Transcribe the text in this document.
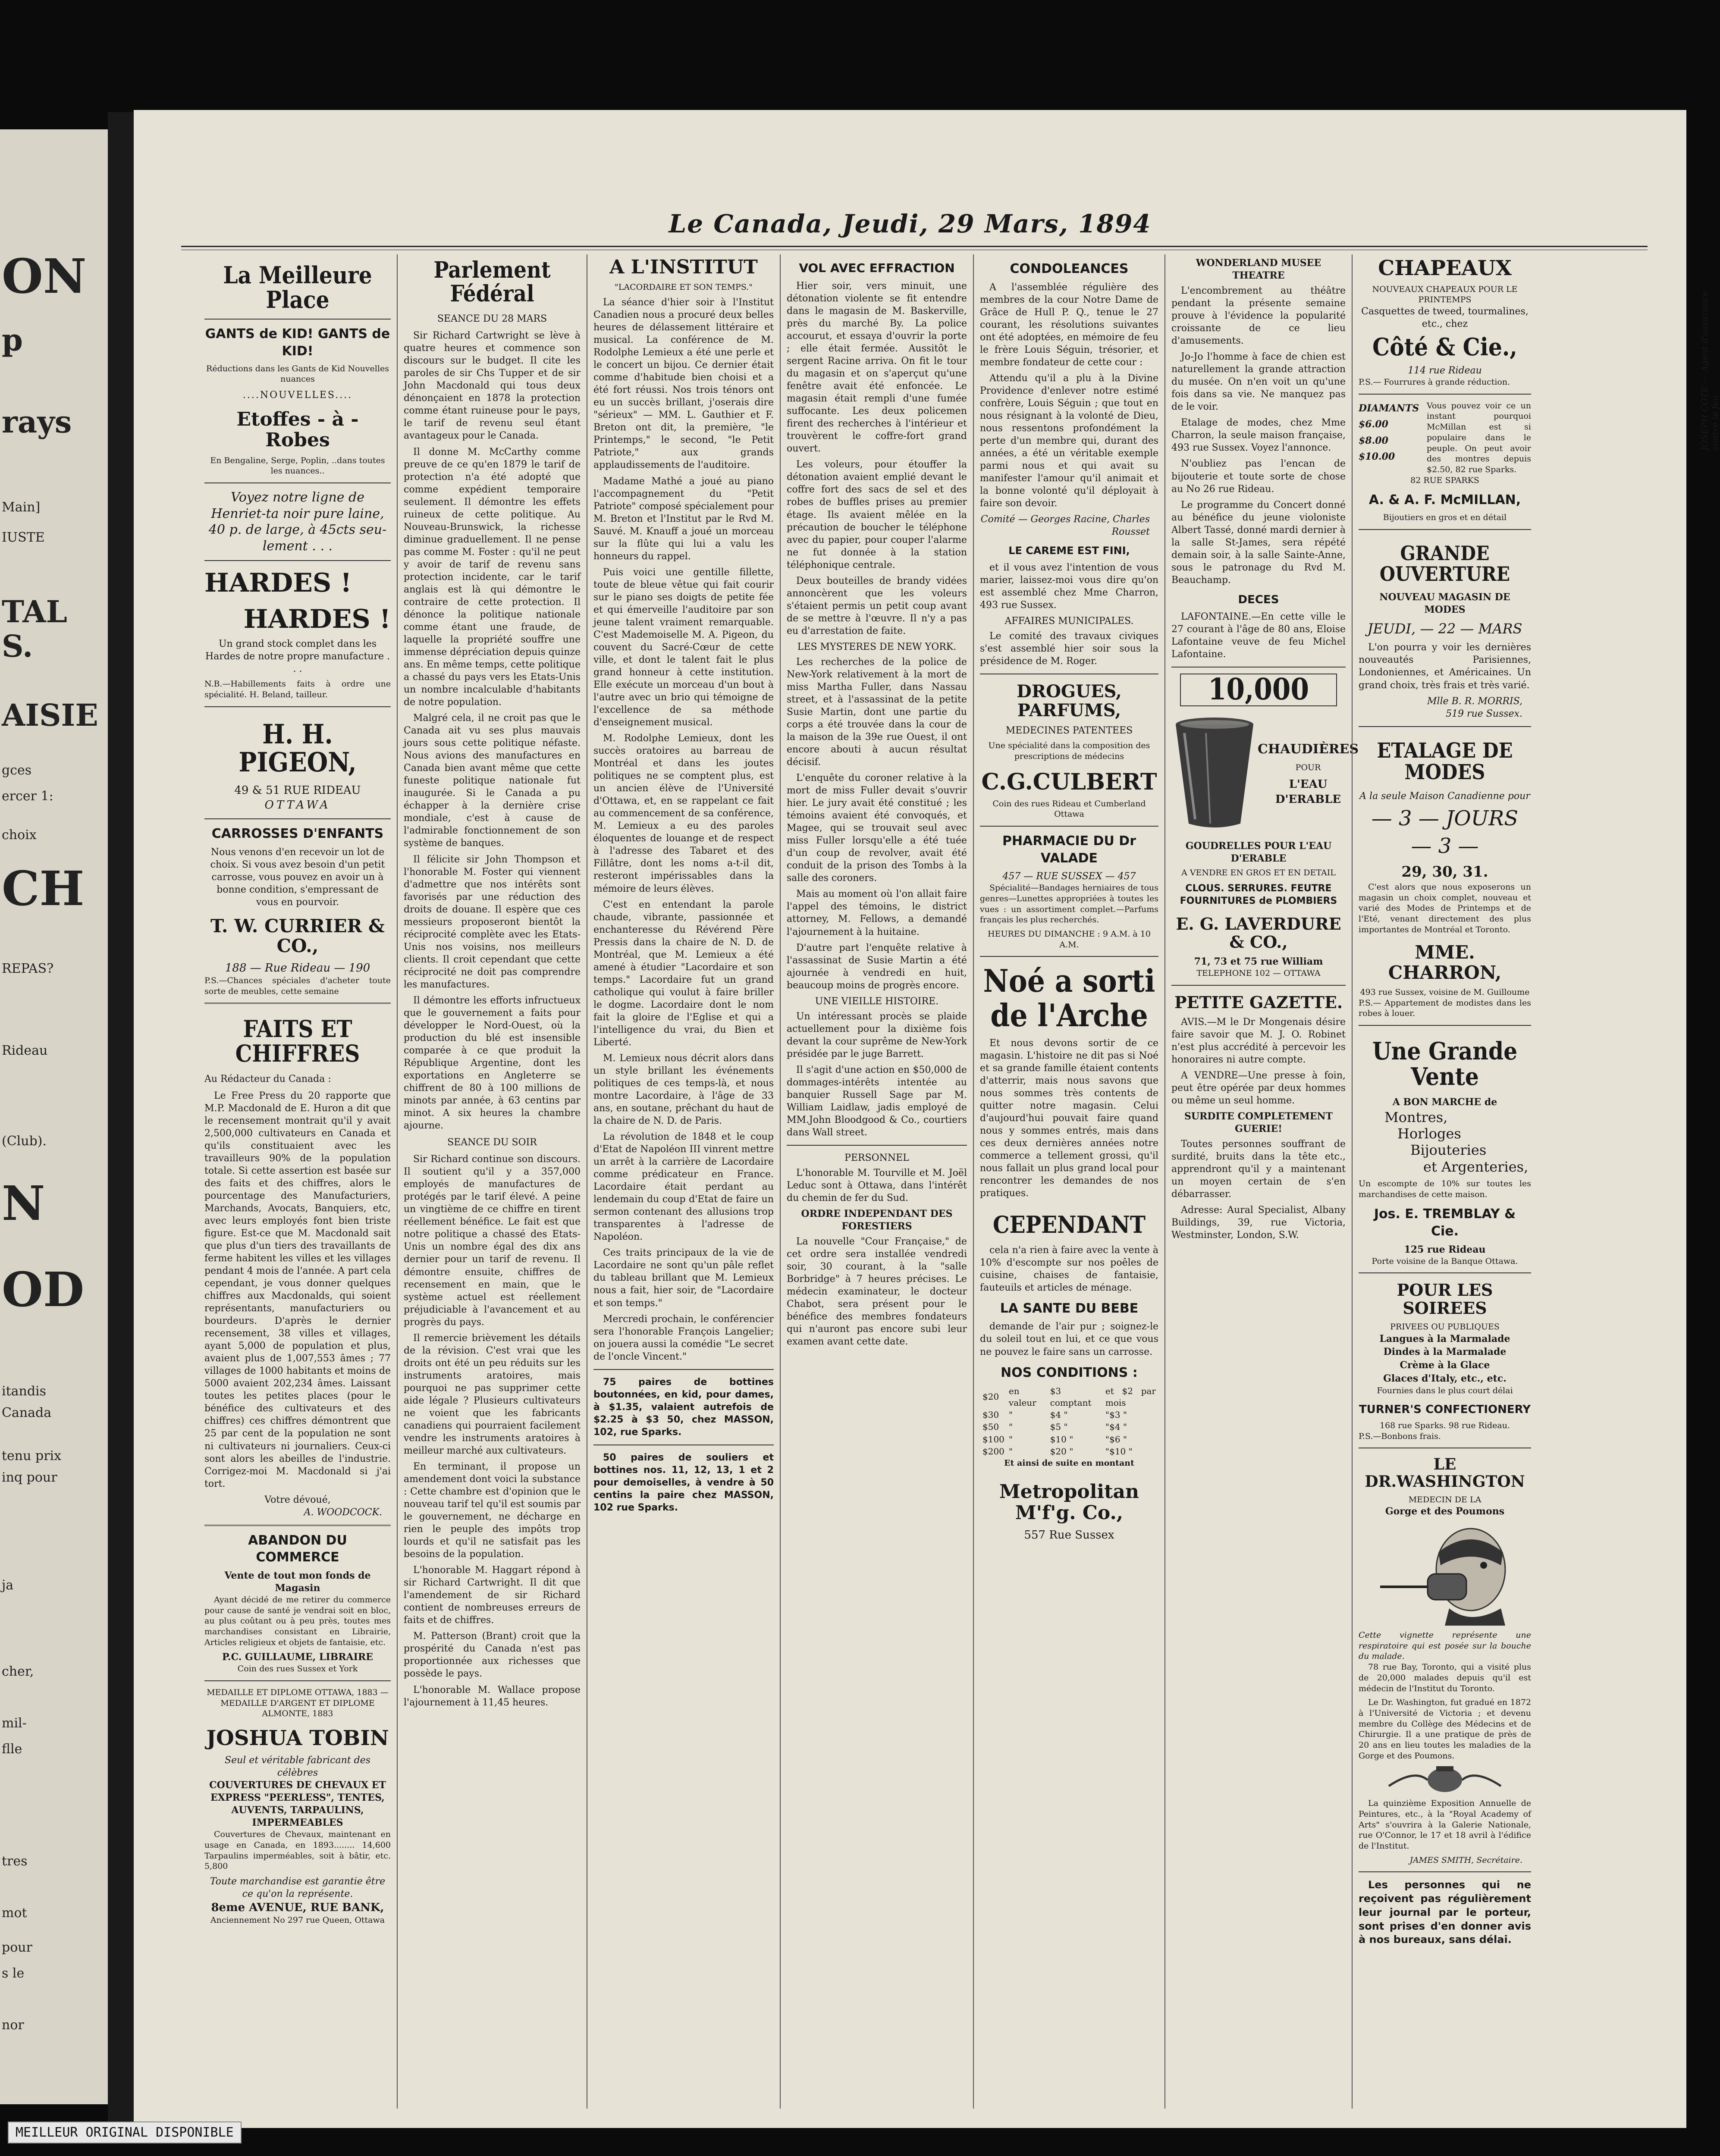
ON
p
rays
Main]
IUSTE
TAL
S.
AISIE
gces
ercer 1:
choix
CH
REPAS?
Rideau
(Club).
N
OD
itandis
Canada
tenu prix
inq pour
ja
cher,
mil-
flle
tres
mot
pour
s le
nor
Le Canada, Jeudi, 29 Mars, 1894
La Meilleure Place
GANTS de KID! GANTS de KID!
Réductions dans les Gants de Kid Nouvelles nuances
....NOUVELLES....
Etoffes - à - Robes
En Bengaline, Serge, Poplin, ..dans toutes les nuances..
Voyez notre ligne de Henriet-ta noir pure laine, 40 p. de large, à 45cts seu-lement . . .
HARDES !
HARDES !
Un grand stock complet dans les Hardes de notre propre manufacture . . .
N.B.—Habillements faits à ordre une spécialité. H. Beland, tailleur.
H. H. PIGEON,
49 & 51 RUE RIDEAU
OTTAWA
CARROSSES D'ENFANTS
Nous venons d'en recevoir un lot de choix. Si vous avez besoin d'un petit carrosse, vous pouvez en avoir un à bonne condition, s'empressant de vous en pourvoir.
T. W. CURRIER & CO.,
188 — Rue Rideau — 190
P.S.—Chances spéciales d'acheter toute sorte de meubles, cette semaine
FAITS ET CHIFFRES
Au Rédacteur du Canada :

Le Free Press du 20 rapporte que M.P. Macdonald de E. Huron a dit que le recensement montrait qu'il y avait 2,500,000 cultivateurs en Canada et qu'ils constituaient avec les travailleurs 90% de la population totale. Si cette assertion est basée sur des faits et des chiffres, alors le pourcentage des Manufacturiers, Marchands, Avocats, Banquiers, etc, avec leurs employés font bien triste figure. Est-ce que M. Macdonald sait que plus d'un tiers des travaillants de ferme habitent les villes et les villages pendant 4 mois de l'année. A part cela cependant, je vous donner quelques chiffres aux Macdonalds, qui soient représentants, manufacturiers ou bourdeurs. D'après le dernier recensement, 38 villes et villages, ayant 5,000 de population et plus, avaient plus de 1,007,553 âmes ; 77 villages de 1000 habitants et moins de 5000 avaient 202,234 âmes. Laissant toutes les petites places (pour le bénéfice des cultivateurs et des chiffres) ces chiffres démontrent que 25 par cent de la population ne sont ni cultivateurs ni journaliers. Ceux-ci sont alors les abeilles de l'industrie. Corrigez-moi M. Macdonald si j'ai tort.

Votre dévoué,
A. WOODCOCK.
ABANDON DU COMMERCE
Vente de tout mon fonds de Magasin

Ayant décidé de me retirer du commerce pour cause de santé je vendrai soit en bloc, au plus coûtant ou à peu près, toutes mes marchandises consistant en Librairie, Articles religieux et objets de fantaisie, etc.

P.C. GUILLAUME, LIBRAIRE
Coin des rues Sussex et York
MEDAILLE ET DIPLOME OTTAWA, 1883 — MEDAILLE D'ARGENT ET DIPLOME ALMONTE, 1883
JOSHUA TOBIN
Seul et véritable fabricant des célèbres
COUVERTURES DE CHEVAUX ET EXPRESS "PEERLESS", TENTES, AUVENTS, TARPAULINS, IMPERMEABLES

Couvertures de Chevaux, maintenant en usage en Canada, en 1893........ 14,600 Tarpaulins imperméables, soit à bâtir, etc. 5,800

Toute marchandise est garantie être ce qu'on la représente.
8eme AVENUE, RUE BANK,
Anciennement No 297 rue Queen, Ottawa
Parlement Fédéral
SEANCE DU 28 MARS

Sir Richard Cartwright se lève à quatre heures et commence son discours sur le budget. Il cite les paroles de sir Chs Tupper et de sir John Macdonald qui tous deux dénonçaient en 1878 la protection comme étant ruineuse pour le pays, le tarif de revenu seul étant avantageux pour le Canada.

Il donne M. McCarthy comme preuve de ce qu'en 1879 le tarif de protection n'a été adopté que comme expédient temporaire seulement. Il démontre les effets ruineux de cette politique. Au Nouveau-Brunswick, la richesse diminue graduellement. Il ne pense pas comme M. Foster : qu'il ne peut y avoir de tarif de revenu sans protection incidente, car le tarif anglais est là qui démontre le contraire de cette protection. Il dénonce la politique nationale comme étant une fraude, de laquelle la propriété souffre une immense dépréciation depuis quinze ans. En même temps, cette politique a chassé du pays vers les Etats-Unis un nombre incalculable d'habitants de notre population.

Malgré cela, il ne croit pas que le Canada ait vu ses plus mauvais jours sous cette politique néfaste. Nous avions des manufactures en Canada bien avant même que cette funeste politique nationale fut inaugurée. Si le Canada a pu échapper à la dernière crise mondiale, c'est à cause de l'admirable fonctionnement de son système de banques.

Il félicite sir John Thompson et l'honorable M. Foster qui viennent d'admettre que nos intérêts sont favorisés par une réduction des droits de douane. Il espère que ces messieurs proposeront bientôt la réciprocité complète avec les Etats-Unis nos voisins, nos meilleurs clients. Il croit cependant que cette réciprocité ne doit pas comprendre les manufactures.

Il démontre les efforts infructueux que le gouvernement a faits pour développer le Nord-Ouest, où la production du blé est insensible comparée à ce que produit la République Argentine, dont les exportations en Angleterre se chiffrent de 80 à 100 millions de minots par année, à 63 centins par minot. A six heures la chambre ajourne.

SEANCE DU SOIR

Sir Richard continue son discours. Il soutient qu'il y a 357,000 employés de manufactures de protégés par le tarif élevé. A peine un vingtième de ce chiffre en tirent réellement bénéfice. Le fait est que notre politique a chassé des Etats-Unis un nombre égal des dix ans dernier pour un tarif de revenu. Il démontre ensuite, chiffres de recensement en main, que le système actuel est réellement préjudiciable à l'avancement et au progrès du pays.

Il remercie brièvement les détails de la révision. C'est vrai que les droits ont été un peu réduits sur les instruments aratoires, mais pourquoi ne pas supprimer cette aide légale ? Plusieurs cultivateurs ne voient que les fabricants canadiens qui pourraient facilement vendre les instruments aratoires à meilleur marché aux cultivateurs.

En terminant, il propose un amendement dont voici la substance : Cette chambre est d'opinion que le nouveau tarif tel qu'il est soumis par le gouvernement, ne décharge en rien le peuple des impôts trop lourds et qu'il ne satisfait pas les besoins de la population.

L'honorable M. Haggart répond à sir Richard Cartwright. Il dit que l'amendement de sir Richard contient de nombreuses erreurs de faits et de chiffres.

M. Patterson (Brant) croit que la prospérité du Canada n'est pas proportionnée aux richesses que possède le pays.

L'honorable M. Wallace propose l'ajournement à 11,45 heures.

A L'INSTITUT
"LACORDAIRE ET SON TEMPS."

La séance d'hier soir à l'Institut Canadien nous a procuré deux belles heures de délassement littéraire et musical. La conférence de M. Rodolphe Lemieux a été une perle et le concert un bijou. Ce dernier était comme d'habitude bien choisi et a été fort réussi. Nos trois ténors ont eu un succès brillant, j'oserais dire "sérieux" — MM. L. Gauthier et F. Breton ont dit, la première, "le Printemps," le second, "le Petit Patriote," aux grands applaudissements de l'auditoire.

Madame Mathé a joué au piano l'accompagnement du "Petit Patriote" composé spécialement pour M. Breton et l'Institut par le Rvd M. Sauvé. M. Knauff a joué un morceau sur la flûte qui lui a valu les honneurs du rappel.

Puis voici une gentille fillette, toute de bleue vêtue qui fait courir sur le piano ses doigts de petite fée et qui émerveille l'auditoire par son jeune talent vraiment remarquable. C'est Mademoiselle M. A. Pigeon, du couvent du Sacré-Cœur de cette ville, et dont le talent fait le plus grand honneur à cette institution. Elle exécute un morceau d'un bout à l'autre avec un brio qui témoigne de l'excellence de sa méthode d'enseignement musical.

M. Rodolphe Lemieux, dont les succès oratoires au barreau de Montréal et dans les joutes politiques ne se comptent plus, est un ancien élève de l'Université d'Ottawa, et, en se rappelant ce fait au commencement de sa conférence, M. Lemieux a eu des paroles éloquentes de louange et de respect à l'adresse des Tabaret et des Fillâtre, dont les noms a-t-il dit, resteront impérissables dans la mémoire de leurs élèves.

C'est en entendant la parole chaude, vibrante, passionnée et enchanteresse du Révérend Père Pressis dans la chaire de N. D. de Montréal, que M. Lemieux a été amené à étudier "Lacordaire et son temps." Lacordaire fut un grand catholique qui voulut à faire briller le dogme. Lacordaire dont le nom fait la gloire de l'Eglise et qui a l'intelligence du vrai, du Bien et Liberté.

M. Lemieux nous décrit alors dans un style brillant les événements politiques de ces temps-là, et nous montre Lacordaire, à l'âge de 33 ans, en soutane, prêchant du haut de la chaire de N. D. de Paris.

La révolution de 1848 et le coup d'Etat de Napoléon III vinrent mettre un arrêt à la carrière de Lacordaire comme prédicateur en France. Lacordaire était perdant au lendemain du coup d'Etat de faire un sermon contenant des allusions trop transparentes à l'adresse de Napoléon.

Ces traits principaux de la vie de Lacordaire ne sont qu'un pâle reflet du tableau brillant que M. Lemieux nous a fait, hier soir, de "Lacordaire et son temps."

Mercredi prochain, le conférencier sera l'honorable François Langelier; on jouera aussi la comédie "Le secret de l'oncle Vincent."

75 paires de bottines boutonnées, en kid, pour dames, à $1.35, valaient autrefois de $2.25 à $3 50, chez MASSON, 102, rue Sparks.

50 paires de souliers et bottines nos. 11, 12, 13, 1 et 2 pour demoiselles, à vendre à 50 centins la paire chez MASSON, 102 rue Sparks.

VOL AVEC EFFRACTION

Hier soir, vers minuit, une détonation violente se fit entendre dans le magasin de M. Baskerville, près du marché By. La police accourut, et essaya d'ouvrir la porte ; elle était fermée. Aussitôt le sergent Racine arriva. On fit le tour du magasin et on s'aperçut qu'une fenêtre avait été enfoncée. Le magasin était rempli d'une fumée suffocante. Les deux policemen firent des recherches à l'intérieur et trouvèrent le coffre-fort grand ouvert.

Les voleurs, pour étouffer la détonation avaient emplié devant le coffre fort des sacs de sel et des robes de buffles prises au premier étage. Ils avaient mêlée en la précaution de boucher le téléphone avec du papier, pour couper l'alarme ne fut donnée à la station téléphonique centrale.

Deux bouteilles de brandy vidées annoncèrent que les voleurs s'étaient permis un petit coup avant de se mettre à l'œuvre. Il n'y a pas eu d'arrestation de faite.

LES MYSTERES DE NEW YORK.

Les recherches de la police de New-York relativement à la mort de miss Martha Fuller, dans Nassau street, et à l'assassinat de la petite Susie Martin, dont une partie du corps a été trouvée dans la cour de la maison de la 39e rue Ouest, il ont encore abouti à aucun résultat décisif.

L'enquête du coroner relative à la mort de miss Fuller devait s'ouvrir hier. Le jury avait été constitué ; les témoins avaient été convoqués, et Magee, qui se trouvait seul avec miss Fuller lorsqu'elle a été tuée d'un coup de revolver, avait été conduit de la prison des Tombs à la salle des coroners.

Mais au moment où l'on allait faire l'appel des témoins, le district attorney, M. Fellows, a demandé l'ajournement à la huitaine.

D'autre part l'enquête relative à l'assassinat de Susie Martin a été ajournée à vendredi en huit, beaucoup moins de progrès encore.

UNE VIEILLE HISTOIRE.

Un intéressant procès se plaide actuellement pour la dixième fois devant la cour suprême de New-York présidée par le juge Barrett.

Il s'agit d'une action en $50,000 de dommages-intérêts intentée au banquier Russell Sage par M. William Laidlaw, jadis employé de MM.John Bloodgood & Co., courtiers dans Wall street.

PERSONNEL

L'honorable M. Tourville et M. Joël Leduc sont à Ottawa, dans l'intérêt du chemin de fer du Sud.

ORDRE INDEPENDANT DES FORESTIERS

La nouvelle "Cour Française," de cet ordre sera installée vendredi soir, 30 courant, à la "salle Borbridge" à 7 heures précises. Le médecin examinateur, le docteur Chabot, sera présent pour le bénéfice des membres fondateurs qui n'auront pas encore subi leur examen avant cette date.

CONDOLEANCES

A l'assemblée régulière des membres de la cour Notre Dame de Grâce de Hull P. Q., tenue le 27 courant, les résolutions suivantes ont été adoptées, en mémoire de feu le frère Louis Séguin, trésorier, et membre fondateur de cette cour :

Attendu qu'il a plu à la Divine Providence d'enlever notre estimé confrère, Louis Séguin ; que tout en nous résignant à la volonté de Dieu, nous ressentons profondément la perte d'un membre qui, durant des années, a été un véritable exemple parmi nous et qui avait su manifester l'amour qu'il animait et la bonne volonté qu'il déployait à faire son devoir.

Comité — Georges Racine, Charles Rousset
LE CAREME EST FINI,

et il vous avez l'intention de vous marier, laissez-moi vous dire qu'on est assemblé chez Mme Charron, 493 rue Sussex.

AFFAIRES MUNICIPALES.

Le comité des travaux civiques s'est assemblé hier soir sous la présidence de M. Roger.

DROGUES, PARFUMS,
MEDECINES PATENTEES
Une spécialité dans la composition des prescriptions de médecins
C.G.CULBERT
Coin des rues Rideau et Cumberland Ottawa
PHARMACIE DU Dr VALADE
457 — RUE SUSSEX — 457

Spécialité—Bandages herniaires de tous genres—Lunettes appropriées à toutes les vues : un assortiment complet.—Parfums français les plus recherchés.

HEURES DU DIMANCHE : 9 A.M. à 10 A.M.
Noé a sorti
de l'Arche

Et nous devons sortir de ce magasin. L'histoire ne dit pas si Noé et sa grande famille étaient contents d'atterrir, mais nous savons que nous sommes très contents de quitter notre magasin. Celui d'aujourd'hui pouvait faire quand nous y sommes entrés, mais dans ces deux dernières années notre commerce a tellement grossi, qu'il nous fallait un plus grand local pour rencontrer les demandes de nos pratiques.

CEPENDANT

cela n'a rien à faire avec la vente à 10% d'escompte sur nos poêles de cuisine, chaises de fantaisie, fauteuils et articles de ménage.

LA SANTE DU BEBE

demande de l'air pur ; soignez-le du soleil tout en lui, et ce que vous ne pouvez le faire sans un carrosse.

NOS CONDITIONS :
$20	en valeur	$3 comptant	et $2 par mois
$30	"	$4 "	"$3 "
$50	"	$5 "	"$4 "
$100	"	$10 "	"$6 "
$200	"	$20 "	"$10 "
Et ainsi de suite en montant
Metropolitan M'f'g. Co.,
557 Rue Sussex
WONDERLAND MUSEE THEATRE

L'encombrement au théâtre pendant la présente semaine prouve à l'évidence la popularité croissante de ce lieu d'amusements.

Jo-Jo l'homme à face de chien est naturellement la grande attraction du musée. On n'en voit un qu'une fois dans sa vie. Ne manquez pas de le voir.

Etalage de modes, chez Mme Charron, la seule maison française, 493 rue Sussex. Voyez l'annonce.

N'oubliez pas l'encan de bijouterie et toute sorte de chose au No 26 rue Rideau.

Le programme du Concert donné au bénéfice du jeune violoniste Albert Tassé, donné mardi dernier à la salle St-James, sera répété demain soir, à la salle Sainte-Anne, sous le patronage du Rvd M. Beauchamp.

DECES

LAFONTAINE.—En cette ville le 27 courant à l'âge de 80 ans, Eloise Lafontaine veuve de feu Michel Lafontaine.

10,000
CHAUDIÈRES
POUR
L'EAU D'ERABLE
GOUDRELLES POUR L'EAU D'ERABLE
A VENDRE EN GROS ET EN DETAIL
CLOUS. SERRURES. FEUTRE FOURNITURES de PLOMBIERS
E. G. LAVERDURE & CO.,
71, 73 et 75 rue William
TELEPHONE 102 — OTTAWA
PETITE GAZETTE.

AVIS.—M le Dr Mongenais désire faire savoir que M. J. O. Robinet n'est plus accrédité à percevoir les honoraires ni autre compte.

A VENDRE—Une presse à foin, peut être opérée par deux hommes ou même un seul homme.

SURDITE COMPLETEMENT GUERIE!

Toutes personnes souffrant de surdité, bruits dans la tête etc., apprendront qu'il y a maintenant un moyen certain de s'en débarrasser.

Adresse: Aural Specialist, Albany Buildings, 39, rue Victoria, Westminster, London, S.W.

CHAPEAUX
NOUVEAUX CHAPEAUX POUR LE PRINTEMPS
Casquettes de tweed, tourmalines, etc., chez
Côté & Cie.,
114 rue Rideau
P.S.— Fourrures à grande réduction.
DIAMANTS
$6.00
$8.00
$10.00
Vous pouvez voir ce un instant pourquoi McMillan est si populaire dans le peuple. On peut avoir des montres depuis $2.50, 82 rue Sparks.
82 RUE SPARKS
A. & A. F. McMILLAN,
Bijoutiers en gros et en détail
GRANDE OUVERTURE
NOUVEAU MAGASIN DE MODES
JEUDI, — 22 — MARS

L'on pourra y voir les dernières nouveautés Parisiennes, Londoniennes, et Américaines. Un grand choix, très frais et très varié.

Mlle B. R. MORRIS,
519 rue Sussex.
ETALAGE DE MODES
A la seule Maison Canadienne pour
— 3 — JOURS — 3 —
29, 30, 31.

C'est alors que nous exposerons un magasin un choix complet, nouveau et varié des Modes de Printemps et de l'Eté, venant directement des plus importantes de Montréal et Toronto.

MME. CHARRON,
493 rue Sussex, voisine de M. Guilloume
P.S.— Appartement de modistes dans les robes à louer.
Une Grande Vente
A BON MARCHE de
Montres,
Horloges
Bijouteries
et Argenteries,
Un escompte de 10% sur toutes les marchandises de cette maison.
Jos. E. TREMBLAY & Cie.
125 rue Rideau
Porte voisine de la Banque Ottawa.
POUR LES SOIREES
PRIVEES OU PUBLIQUES
Langues à la Marmalade
Dindes à la Marmalade
Crème à la Glace
Glaces d'Italy, etc., etc.
Fournies dans le plus court délai
TURNER'S CONFECTIONERY
168 rue Sparks. 98 rue Rideau.
P.S.—Bonbons frais.
LE DR.WASHINGTON
MEDECIN DE LA
Gorge et des Poumons
Cette vignette représente une respiratoire qui est posée sur la bouche du malade.

78 rue Bay, Toronto, qui a visité plus de 20,000 malades depuis qu'il est médecin de l'Institut du Toronto.

Le Dr. Washington, fut gradué en 1872 à l'Université de Victoria ; et devenu membre du Collège des Médecins et de Chirurgie. Il a une pratique de près de 20 ans en lieu toutes les maladies de la Gorge et des Poumons.

La quinzième Exposition Annuelle de Peintures, etc., à la "Royal Academy of Arts" s'ouvrira à la Galerie Nationale, rue O'Connor, le 17 et 18 avril à l'édifice de l'Institut.

JAMES SMITH, Secrétaire.

Les personnes qui ne reçoivent pas régulièrement leur journal par le porteur, sont prises d'en donner avis à nos bureaux, sans délai.

JOSEPH COTE — Agent d'assurance contre le feu
MEILLEUR ORIGINAL DISPONIBLE
